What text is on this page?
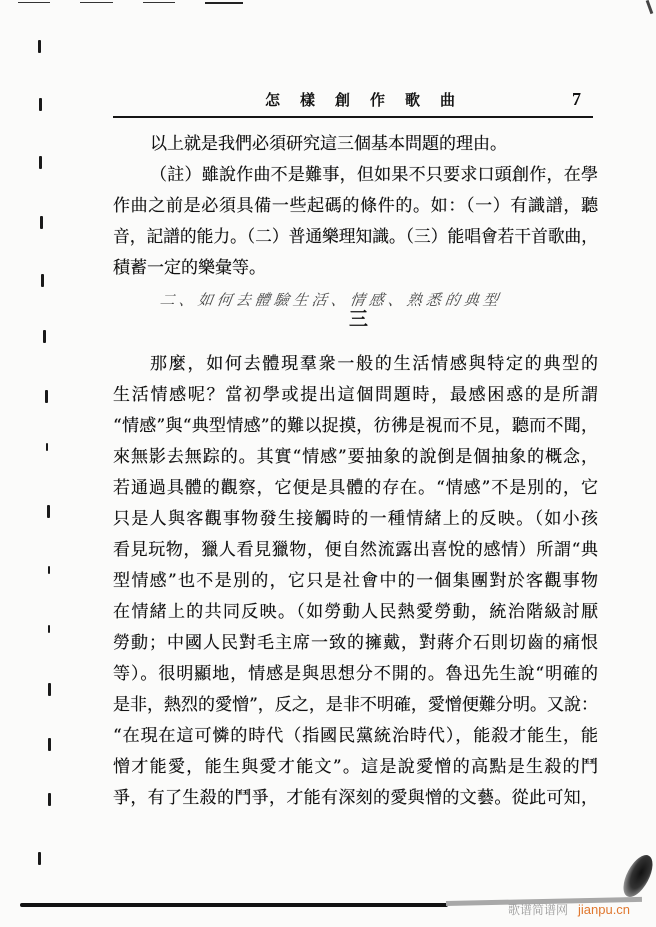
怎樣創作歌曲	7
以上就是我們必須研究這三個基本問題的理由。
（註）雖說作曲不是難事，但如果不只要求口頭創作，在學
作曲之前是必須具備一些起碼的條件的。如：（一）有識譜，聽
音，記譜的能力。（二）普通樂理知識。（三）能唱會若干首歌曲，
積蓄一定的樂彙等。
二、如何去體驗生活、情感、熟悉的典型
三
那麼，如何去體現羣衆一般的生活情感與特定的典型的
生活情感呢？當初學或提出這個問題時，最感困惑的是所謂
“情感”與“典型情感”的難以捉摸，彷彿是視而不見，聽而不聞，
來無影去無踪的。其實“情感”要抽象的說倒是個抽象的概念，
若通過具體的觀察，它便是具體的存在。“情感”不是別的，它
只是人與客觀事物發生接觸時的一種情緒上的反映。（如小孩
看見玩物，獵人看見獵物，便自然流露出喜悅的感情）所謂“典
型情感”也不是別的，它只是社會中的一個集團對於客觀事物
在情緒上的共同反映。（如勞動人民熱愛勞動，統治階級討厭
勞動；中國人民對毛主席一致的擁戴，對蔣介石則切齒的痛恨
等）。很明顯地，情感是與思想分不開的。魯迅先生說“明確的
是非，熱烈的愛憎”，反之，是非不明確，愛憎便難分明。又說：
“在現在這可憐的時代（指國民黨統治時代），能殺才能生，能
憎才能愛，能生與愛才能文”。這是說愛憎的高點是生殺的鬥
爭，有了生殺的鬥爭，才能有深刻的愛與憎的文藝。從此可知，
歌谱简谱网 jianpu.cn
